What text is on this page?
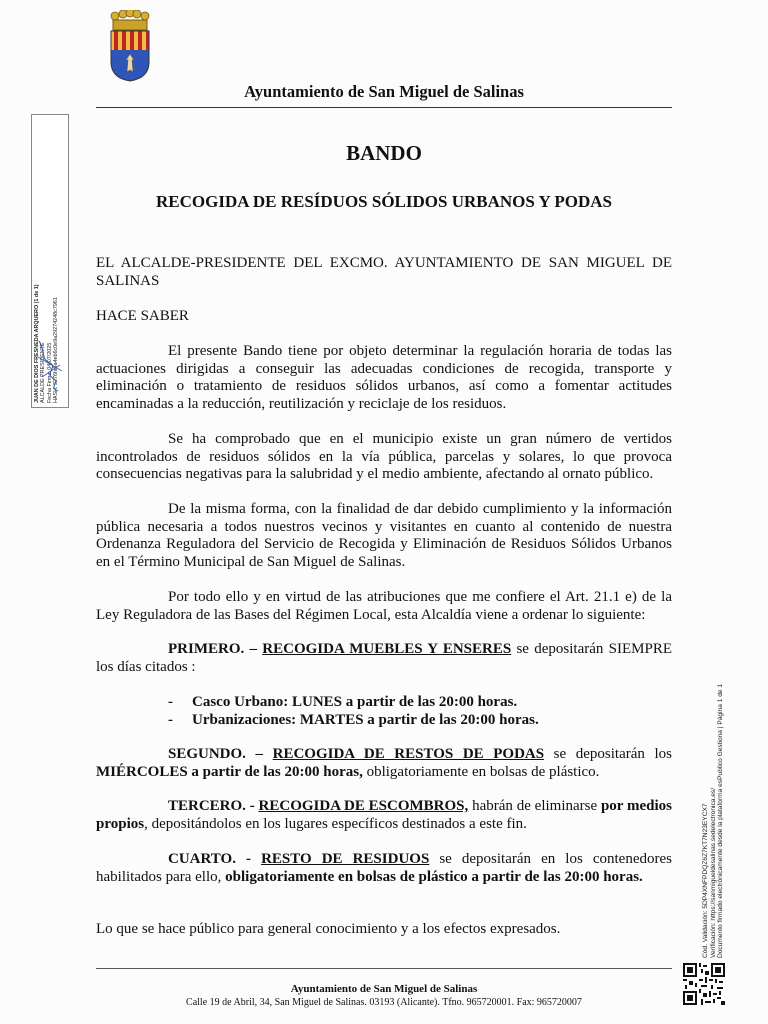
Ayuntamiento de San Miguel de Salinas
JUAN DE DIOS FRESNEDA ARQUERO (1 de 1) ALCALDE PRESIDENTE Fecha Firma: 04/07/2025 HASH: 3276fa8a4eb6c0e9a29274248c7961
BANDO
RECOGIDA DE RESÍDUOS SÓLIDOS URBANOS Y PODAS

EL ALCALDE-PRESIDENTE DEL EXCMO. AYUNTAMIENTO DE SAN MIGUEL DE SALINAS

HACE SABER

El presente Bando tiene por objeto determinar la regulación horaria de todas las actuaciones dirigidas a conseguir las adecuadas condiciones de recogida, transporte y eliminación o tratamiento de residuos sólidos urbanos, así como a fomentar actitudes encaminadas a la reducción, reutilización y reciclaje de los residuos.

Se ha comprobado que en el municipio existe un gran número de vertidos incontrolados de residuos sólidos en la vía pública, parcelas y solares, lo que provoca consecuencias negativas para la salubridad y el medio ambiente, afectando al ornato público.

De la misma forma, con la finalidad de dar debido cumplimiento y la información pública necesaria a todos nuestros vecinos y visitantes en cuanto al contenido de nuestra Ordenanza Reguladora del Servicio de Recogida y Eliminación de Residuos Sólidos Urbanos en el Término Municipal de San Miguel de Salinas.

Por todo ello y en virtud de las atribuciones que me confiere el Art. 21.1 e) de la Ley Reguladora de las Bases del Régimen Local, esta Alcaldía viene a ordenar lo siguiente:

PRIMERO. – RECOGIDA MUEBLES Y ENSERES se depositarán SIEMPRE los días citados :

-	Casco Urbano: LUNES a partir de las 20:00 horas.
-	Urbanizaciones: MARTES a partir de las 20:00 horas.

SEGUNDO. – RECOGIDA DE RESTOS DE PODAS se depositarán los MIÉRCOLES a partir de las 20:00 horas, obligatoriamente en bolsas de plástico.

TERCERO. - RECOGIDA DE ESCOMBROS, habrán de eliminarse por medios propios, depositándolos en los lugares específicos destinados a este fin.

CUARTO. - RESTO DE RESIDUOS se depositarán en los contenedores habilitados para ello, obligatoriamente en bolsas de plástico a partir de las 20:00 horas.

Lo que se hace público para general conocimiento y a los efectos expresados.

Ayuntamiento de San Miguel de Salinas
Calle 19 de Abril, 34, San Miguel de Salinas. 03193 (Alicante). Tfno. 965720001. Fax: 965720007
Cód. Validación: 5DP4XNFPDQZ6Z7KT7N23EYCX7 Verificación: https://sanmigueldesalinas.sedelectronica.es/ Documento firmado electrónicamente desde la plataforma esPublico Gestiona | Página 1 de 1
